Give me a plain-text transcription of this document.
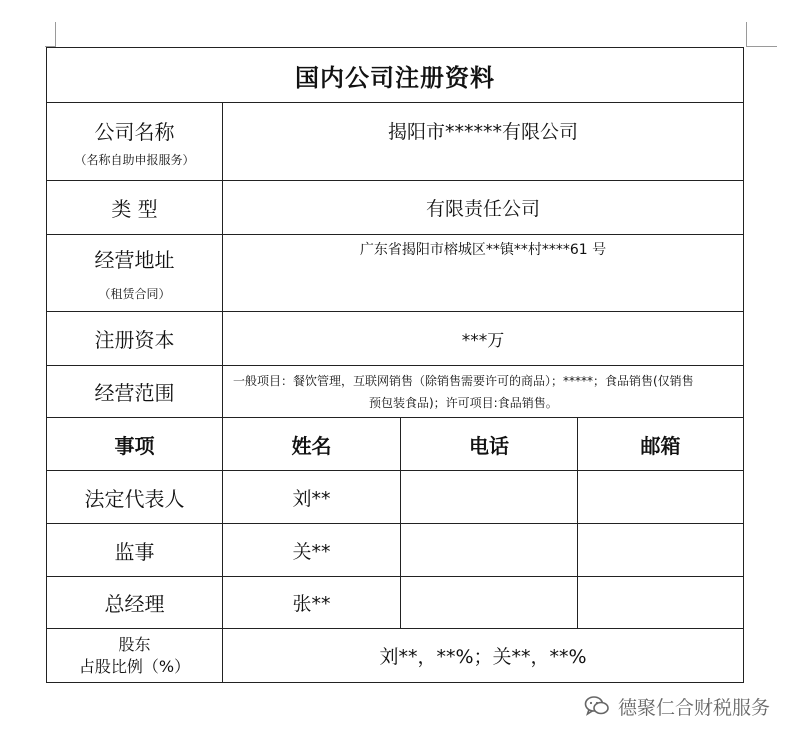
国内公司注册资料			

公司名称
（名称自助申报服务）	揭阳市******有限公司		
类 型	有限责任公司		

经营地址
（租赁合同）	广东省揭阳市榕城区**镇**村****61 号		
注册资本	***万		
经营范围	一般项目：餐饮管理，互联网销售（除销售需要许可的商品）；*****；食品销售(仅销售
预包装食品)；许可项目:食品销售。		

事项	姓名	电话	邮箱
法定代表人	刘**		
监事	关**		
总经理	张**		

股东
占股比例（%）	刘**，**%；关**，**%		
德聚仁合财税服务
